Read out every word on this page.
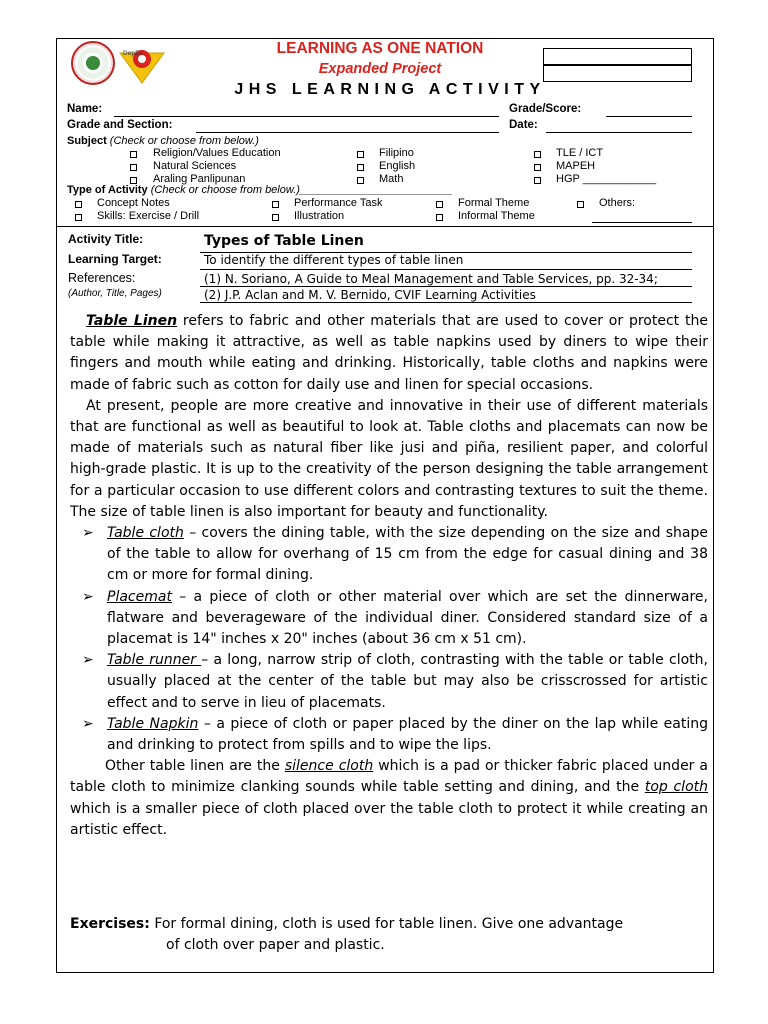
DepEd	LEARNING AS ONE NATION
Expanded Project
JHS LEARNING ACTIVITY
Name:	Grade/Score:
Grade and Section:	Date:
Subject (Check or choose from below.)
Religion/Values Education
Natural Sciences
Araling Panlipunan
Filipino
English
Math
TLE / ICT
MAPEH
HGP ____________
Type of Activity (Check or choose from below.)_________________________
Concept Notes	Performance Task	Formal Theme	Others:
Skills: Exercise / Drill	Illustration	Informal Theme
Activity Title:	Types of Table Linen
Learning Target:	To identify the different types of table linen
References:
(Author, Title, Pages)
(1) N. Soriano, A Guide to Meal Management and Table Services, pp. 32-34;
(2) J.P. Aclan and M. V. Bernido, CVIF Learning Activities

Table Linen refers to fabric and other materials that are used to cover or protect the table while making it attractive, as well as table napkins used by diners to wipe their fingers and mouth while eating and drinking. Historically, table cloths and napkins were made of fabric such as cotton for daily use and linen for special occasions.

At present, people are more creative and innovative in their use of different materials that are functional as well as beautiful to look at. Table cloths and placemats can now be made of materials such as natural fiber like jusi and piña, resilient paper, and colorful high-grade plastic. It is up to the creativity of the person designing the table arrangement for a particular occasion to use different colors and contrasting textures to suit the theme. The size of table linen is also important for beauty and functionality.

➢ Table cloth – covers the dining table, with the size depending on the size and shape of the table to allow for overhang of 15 cm from the edge for casual dining and 38 cm or more for formal dining.
➢ Placemat – a piece of cloth or other material over which are set the dinnerware, flatware and beverageware of the individual diner. Considered standard size of a placemat is 14" inches x 20" inches (about 36 cm x 51 cm).
➢ Table runner – a long, narrow strip of cloth, contrasting with the table or table cloth, usually placed at the center of the table but may also be crisscrossed for artistic effect and to serve in lieu of placemats.
➢ Table Napkin – a piece of cloth or paper placed by the diner on the lap while eating and drinking to protect from spills and to wipe the lips.

Other table linen are the silence cloth which is a pad or thicker fabric placed under a table cloth to minimize clanking sounds while table setting and dining, and the top cloth which is a smaller piece of cloth placed over the table cloth to protect it while creating an artistic effect.

Exercises: For formal dining, cloth is used for table linen. Give one advantage
of cloth over paper and plastic.
